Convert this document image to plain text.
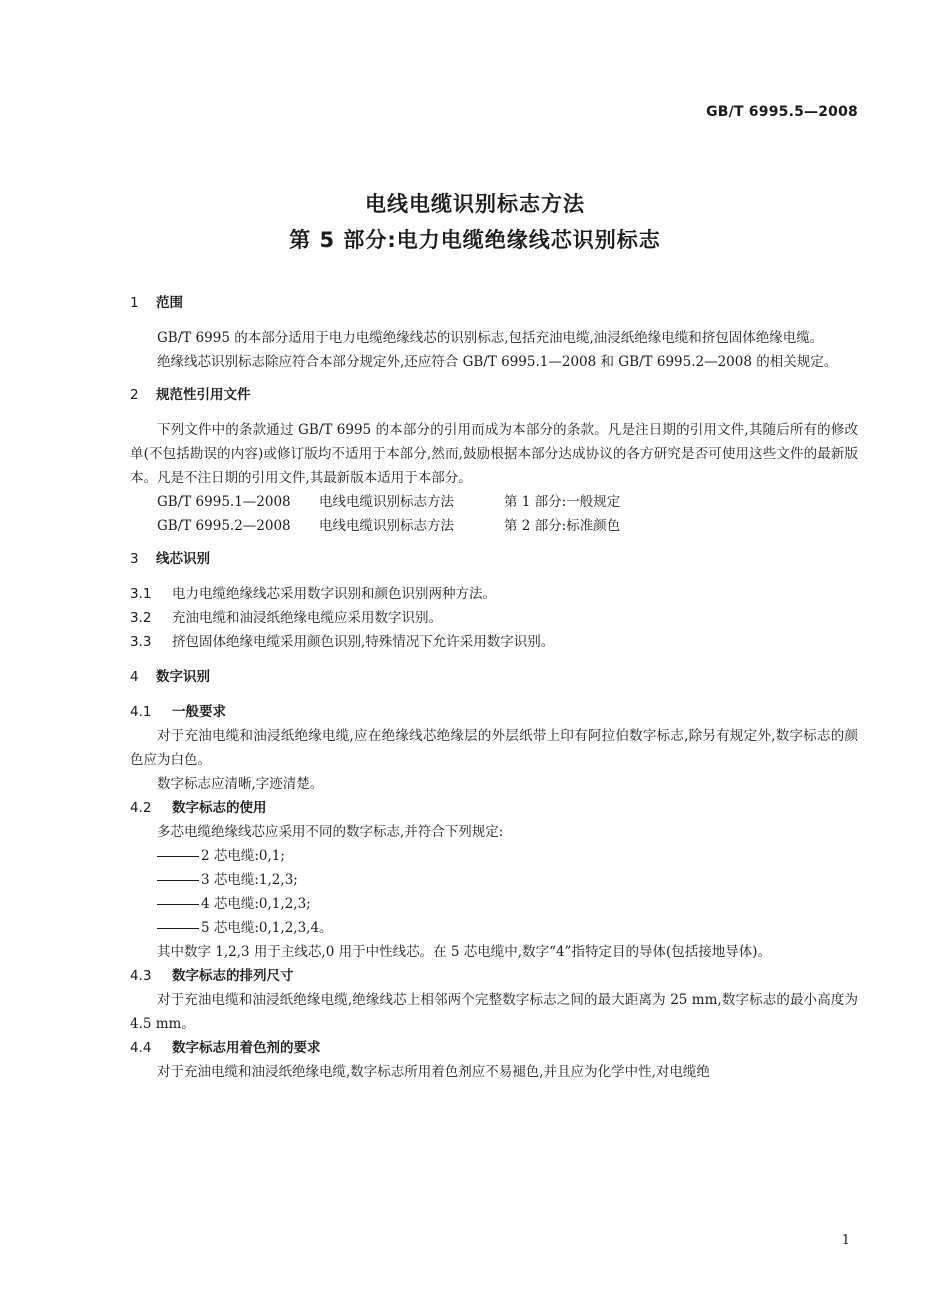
GB/T 6995.5—2008
电线电缆识别标志方法
第 5 部分:电力电缆绝缘线芯识别标志
1 范围

GB/T 6995 的本部分适用于电力电缆绝缘线芯的识别标志,包括充油电缆,油浸纸绝缘电缆和挤包固体绝缘电缆。

绝缘线芯识别标志除应符合本部分规定外,还应符合 GB/T 6995.1—2008 和 GB/T 6995.2—2008 的相关规定。

2 规范性引用文件

下列文件中的条款通过 GB/T 6995 的本部分的引用而成为本部分的条款。凡是注日期的引用文件,其随后所有的修改单(不包括勘误的内容)或修订版均不适用于本部分,然而,鼓励根据本部分达成协议的各方研究是否可使用这些文件的最新版本。凡是不注日期的引用文件,其最新版本适用于本部分。

GB/T 6995.1—2008 电线电缆识别标志方法	第 1 部分:一般规定
GB/T 6995.2—2008 电线电缆识别标志方法	第 2 部分:标准颜色
3 线芯识别
3.1 电力电缆绝缘线芯采用数字识别和颜色识别两种方法。
3.2 充油电缆和油浸纸绝缘电缆应采用数字识别。
3.3 挤包固体绝缘电缆采用颜色识别,特殊情况下允许采用数字识别。
4 数字识别
4.1 一般要求

对于充油电缆和油浸纸绝缘电缆,应在绝缘线芯绝缘层的外层纸带上印有阿拉伯数字标志,除另有规定外,数字标志的颜色应为白色。

数字标志应清晰,字迹清楚。

4.2 数字标志的使用

多芯电缆绝缘线芯应采用不同的数字标志,并符合下列规定:

2 芯电缆:0,1;
3 芯电缆:1,2,3;
4 芯电缆:0,1,2,3;
5 芯电缆:0,1,2,3,4。

其中数字 1,2,3 用于主线芯,0 用于中性线芯。在 5 芯电缆中,数字“4”指特定目的导体(包括接地导体)。

4.3 数字标志的排列尺寸

对于充油电缆和油浸纸绝缘电缆,绝缘线芯上相邻两个完整数字标志之间的最大距离为 25 mm,数字标志的最小高度为 4.5 mm。

4.4 数字标志用着色剂的要求

对于充油电缆和油浸纸绝缘电缆,数字标志所用着色剂应不易褪色,并且应为化学中性,对电缆绝

1
